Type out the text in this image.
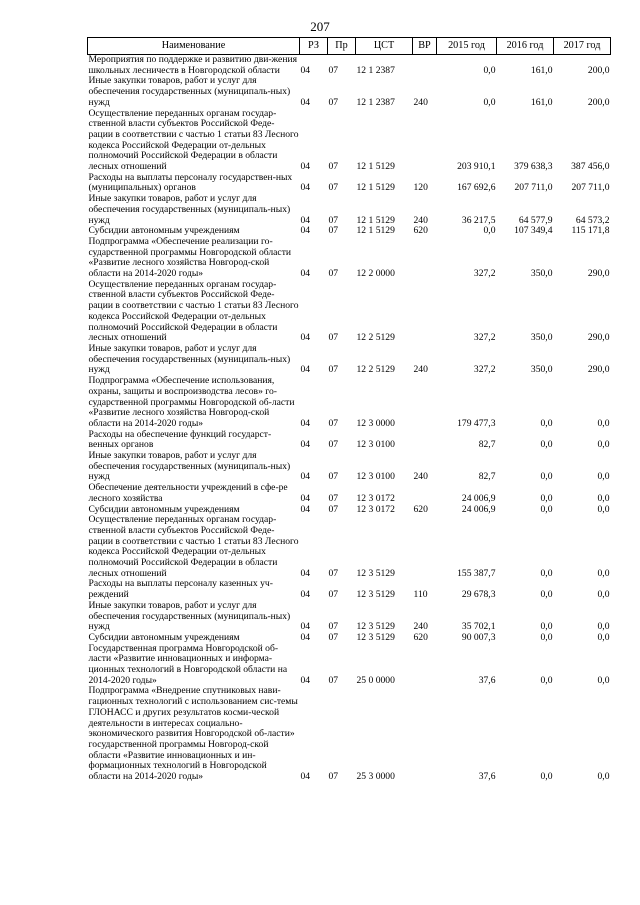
207
Наименование	РЗ	Пр	ЦСТ	ВР	2015 год	2016 год	2017 год
Мероприятия по поддержке и развитию дви-жения школьных лесничеств в Новгородской области	04	07	12 1 2387		0,0	161,0	200,0
Иные закупки товаров, работ и услуг для обеспечения государственных (муниципаль-ных) нужд	04	07	12 1 2387	240	0,0	161,0	200,0
Осуществление переданных органам государ-ственной власти субъектов Российской Феде-рации в соответствии с частью 1 статьи 83 Лесного кодекса Российской Федерации от-дельных полномочий Российской Федерации в области лесных отношений	04	07	12 1 5129		203 910,1	379 638,3	387 456,0
Расходы на выплаты персоналу государствен-ных (муниципальных) органов	04	07	12 1 5129	120	167 692,6	207 711,0	207 711,0
Иные закупки товаров, работ и услуг для обеспечения государственных (муниципаль-ных) нужд	04	07	12 1 5129	240	36 217,5	64 577,9	64 573,2
Субсидии автономным учреждениям	04	07	12 1 5129	620	0,0	107 349,4	115 171,8
Подпрограмма «Обеспечение реализации го-сударственной программы Новгородской области «Развитие лесного хозяйства Новгород-ской области на 2014-2020 годы»	04	07	12 2 0000		327,2	350,0	290,0
Осуществление переданных органам государ-ственной власти субъектов Российской Феде-рации в соответствии с частью 1 статьи 83 Лесного кодекса Российской Федерации от-дельных полномочий Российской Федерации в области лесных отношений	04	07	12 2 5129		327,2	350,0	290,0
Иные закупки товаров, работ и услуг для обеспечения государственных (муниципаль-ных) нужд	04	07	12 2 5129	240	327,2	350,0	290,0
Подпрограмма «Обеспечение использования, охраны, защиты и воспроизводства лесов» го-сударственной программы Новгородской об-ласти «Развитие лесного хозяйства Новгород-ской области на 2014-2020 годы»	04	07	12 3 0000		179 477,3	0,0	0,0
Расходы на обеспечение функций государст-венных органов	04	07	12 3 0100		82,7	0,0	0,0
Иные закупки товаров, работ и услуг для обеспечения государственных (муниципаль-ных) нужд	04	07	12 3 0100	240	82,7	0,0	0,0
Обеспечение деятельности учреждений в сфе-ре лесного хозяйства	04	07	12 3 0172		24 006,9	0,0	0,0
Субсидии автономным учреждениям	04	07	12 3 0172	620	24 006,9	0,0	0,0
Осуществление переданных органам государ-ственной власти субъектов Российской Феде-рации в соответствии с частью 1 статьи 83 Лесного кодекса Российской Федерации от-дельных полномочий Российской Федерации в области лесных отношений	04	07	12 3 5129		155 387,7	0,0	0,0
Расходы на выплаты персоналу казенных уч-реждений	04	07	12 3 5129	110	29 678,3	0,0	0,0
Иные закупки товаров, работ и услуг для обеспечения государственных (муниципаль-ных) нужд	04	07	12 3 5129	240	35 702,1	0,0	0,0
Субсидии автономным учреждениям	04	07	12 3 5129	620	90 007,3	0,0	0,0
Государственная программа Новгородской об-ласти «Развитие инновационных и информа-ционных технологий в Новгородской области на 2014-2020 годы»	04	07	25 0 0000		37,6	0,0	0,0
Подпрограмма «Внедрение спутниковых нави-гационных технологий с использованием сис-темы ГЛОНАСС и других результатов косми-ческой деятельности в интересах социально-экономического развития Новгородской об-ласти» государственной программы Новгород-ской области «Развитие инновационных и ин-формационных технологий в Новгородской области на 2014-2020 годы»	04	07	25 3 0000		37,6	0,0	0,0
